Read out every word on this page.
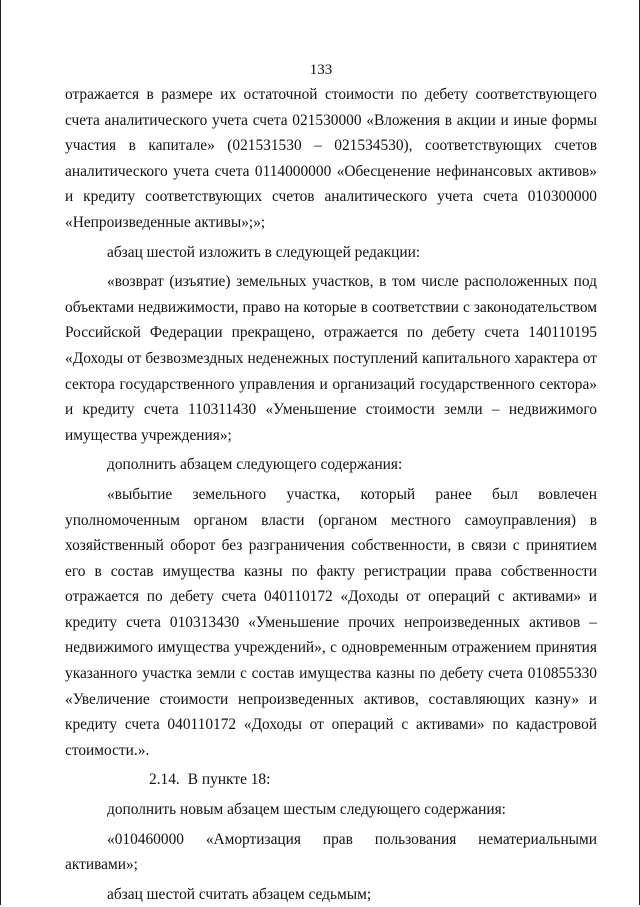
133

отражается в размере их остаточной стоимости по дебету соответствующего счета аналитического учета счета 021530000 «Вложения в акции и иные формы участия в капитале» (021531530 – 021534530), соответствующих счетов аналитического учета счета 0114000000 «Обесценение нефинансовых активов» и кредиту соответствующих счетов аналитического учета счета 010300000 «Непроизведенные активы»;»;

абзац шестой изложить в следующей редакции:

«возврат (изъятие) земельных участков, в том числе расположенных под объектами недвижимости, право на которые в соответствии с законодательством Российской Федерации прекращено, отражается по дебету счета 140110195 «Доходы от безвозмездных неденежных поступлений капитального характера от сектора государственного управления и организаций государственного сектора» и кредиту счета 110311430 «Уменьшение стоимости земли – недвижимого имущества учреждения»;

дополнить абзацем следующего содержания:

«выбытие земельного участка, который ранее был вовлечен уполномоченным органом власти (органом местного самоуправления) в хозяйственный оборот без разграничения собственности, в связи с принятием его в состав имущества казны по факту регистрации права собственности отражается по дебету счета 040110172 «Доходы от операций с активами» и кредиту счета 010313430 «Уменьшение прочих непроизведенных активов – недвижимого имущества учреждений», с одновременным отражением принятия указанного участка земли с состав имущества казны по дебету счета 010855330 «Увеличение стоимости непроизведенных активов, составляющих казну» и кредиту счета 040110172 «Доходы от операций с активами» по кадастровой стоимости.».

2.14. В пункте 18:

дополнить новым абзацем шестым следующего содержания:

«010460000 «Амортизация прав пользования нематериальными активами»;

абзац шестой считать абзацем седьмым;
